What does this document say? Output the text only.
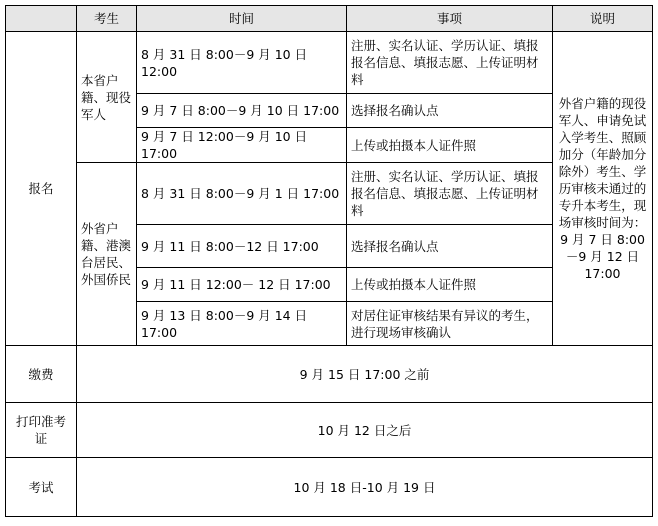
	考生	时间	事项	说明
报名	本省户籍、现役军人	8 月 31 日 8:00－9 月 10 日 12:00	注册、实名认证、学历认证、填报报名信息、填报志愿、上传证明材料	外省户籍的现役军人、申请免试入学考生、照顾加分（年龄加分除外）考生、学历审核未通过的专升本考生，现场审核时间为：9 月 7 日 8:00－9 月 12 日 17:00
		9 月 7 日 8:00－9 月 10 日 17:00	选择报名确认点	
		9 月 7 日 12:00－9 月 10 日 17:00	上传或拍摄本人证件照	
	外省户籍、港澳台居民、外国侨民	8 月 31 日 8:00－9 月 1 日 17:00	注册、实名认证、学历认证、填报报名信息、填报志愿、上传证明材料	
		9 月 11 日 8:00－12 日 17:00	选择报名确认点	
		9 月 11 日 12:00－ 12 日 17:00	上传或拍摄本人证件照	
		9 月 13 日 8:00－9 月 14 日 17:00	对居住证审核结果有异议的考生，进行现场审核确认	
缴费	9 月 15 日 17:00 之前			
打印准考证	10 月 12 日之后			
考试	10 月 18 日-10 月 19 日			
